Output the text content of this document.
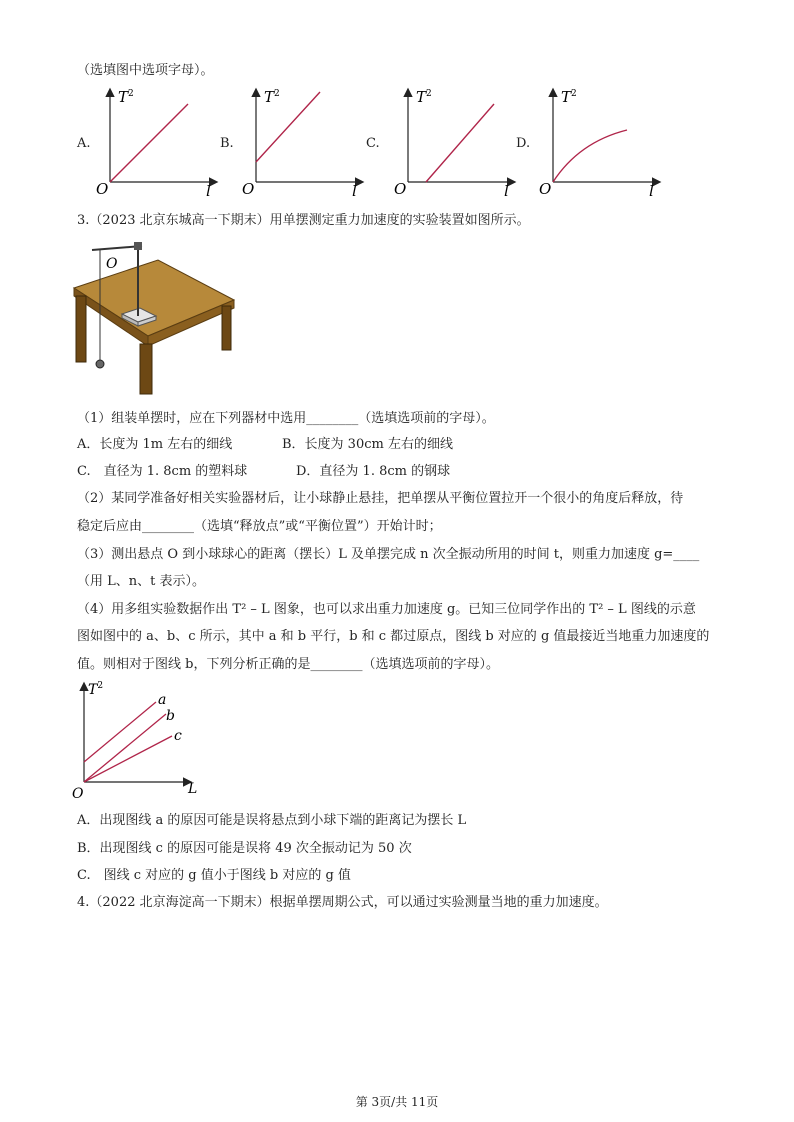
（选填图中选项字母）。
A.
$T^2$
O	l
B.
$T^2$
O	l
C.
$T^2$
O	l
D.
$T^2$
O	l
3.（2023 北京东城高一下期末）用单摆测定重力加速度的实验装置如图所示。
O
（1）组装单摆时，应在下列器材中选用________（选填选项前的字母）。
A．长度为 1m 左右的细线	B．长度为 30cm 左右的细线
C.　直径为 1. 8cm 的塑料球	D．直径为 1. 8cm 的钢球
（2）某同学准备好相关实验器材后，让小球静止悬挂，把单摆从平衡位置拉开一个很小的角度后释放，待
稳定后应由________（选填“释放点”或“平衡位置”）开始计时；
（3）测出悬点 O 到小球球心的距离（摆长）L 及单摆完成 n 次全振动所用的时间 t，则重力加速度 g=____
（用 L、n、t 表示）。
（4）用多组实验数据作出 T² – L 图象，也可以求出重力加速度 g。已知三位同学作出的 T² – L 图线的示意
图如图中的 a、b、c 所示，其中 a 和 b 平行，b 和 c 都过原点，图线 b 对应的 g 值最接近当地重力加速度的
值。则相对于图线 b，下列分析正确的是________（选填选项前的字母）。
a
b
c
$T^2$
O	L
A．出现图线 a 的原因可能是误将悬点到小球下端的距离记为摆长 L
B．出现图线 c 的原因可能是误将 49 次全振动记为 50 次
C.　图线 c 对应的 g 值小于图线 b 对应的 g 值
4.（2022 北京海淀高一下期末）根据单摆周期公式，可以通过实验测量当地的重力加速度。
第 3页/共 11页
